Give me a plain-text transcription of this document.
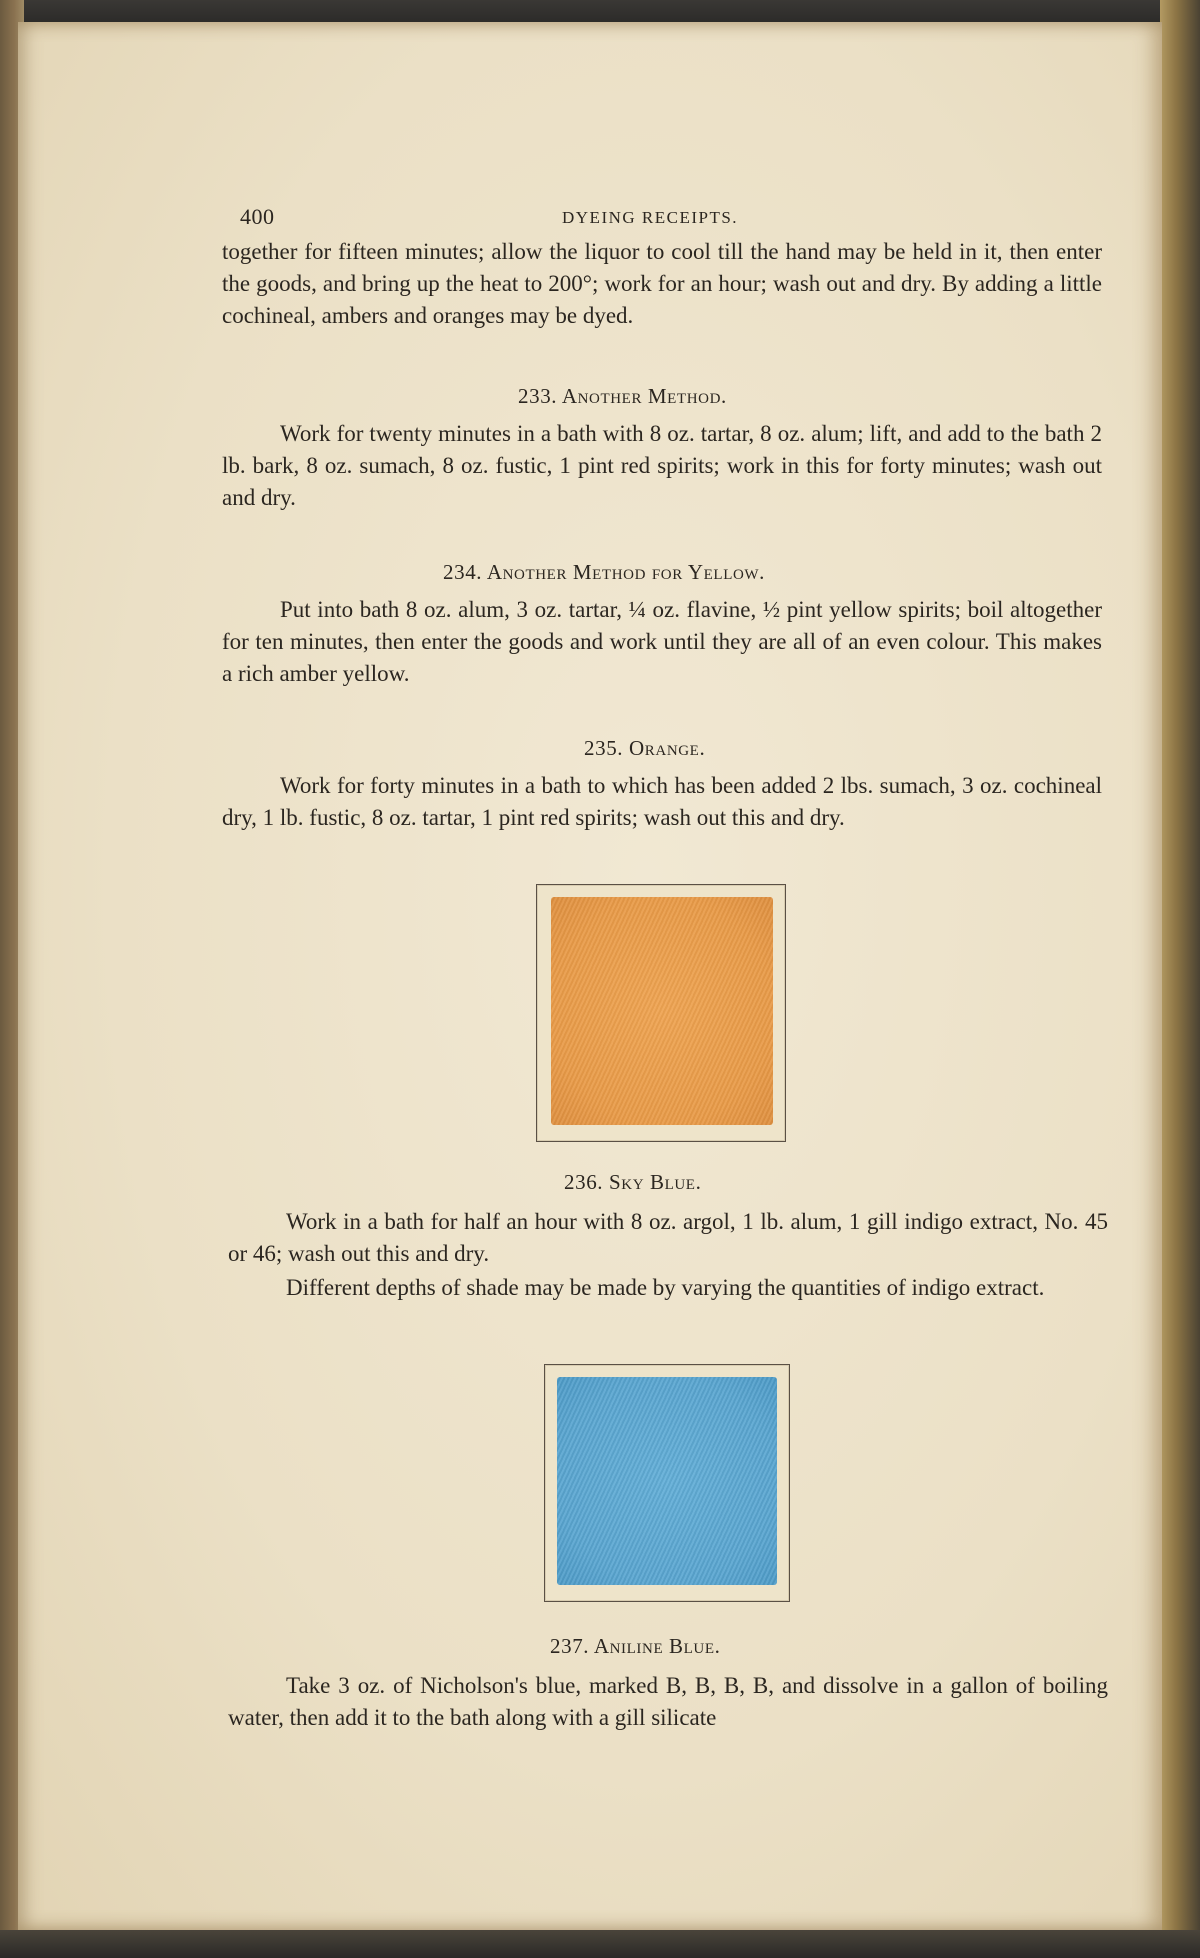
400	DYEING RECEIPTS.

together for fifteen minutes; allow the liquor to cool till the hand may be held in it, then enter the goods, and bring up the heat to 200°; work for an hour; wash out and dry. By adding a little cochineal, ambers and oranges may be dyed.

233. Another Method.

Work for twenty minutes in a bath with 8 oz. tartar, 8 oz. alum; lift, and add to the bath 2 lb. bark, 8 oz. sumach, 8 oz. fustic, 1 pint red spirits; work in this for forty minutes; wash out and dry.

234. Another Method for Yellow.

Put into bath 8 oz. alum, 3 oz. tartar, ¼ oz. flavine, ½ pint yellow spirits; boil altogether for ten minutes, then enter the goods and work until they are all of an even colour. This makes a rich amber yellow.

235. Orange.

Work for forty minutes in a bath to which has been added 2 lbs. sumach, 3 oz. cochineal dry, 1 lb. fustic, 8 oz. tartar, 1 pint red spirits; wash out this and dry.

236. Sky Blue.

Work in a bath for half an hour with 8 oz. argol, 1 lb. alum, 1 gill indigo extract, No. 45 or 46; wash out this and dry.

Different depths of shade may be made by varying the quantities of indigo extract.

237. Aniline Blue.

Take 3 oz. of Nicholson's blue, marked B, B, B, B, and dissolve in a gallon of boiling water, then add it to the bath along with a gill silicate
